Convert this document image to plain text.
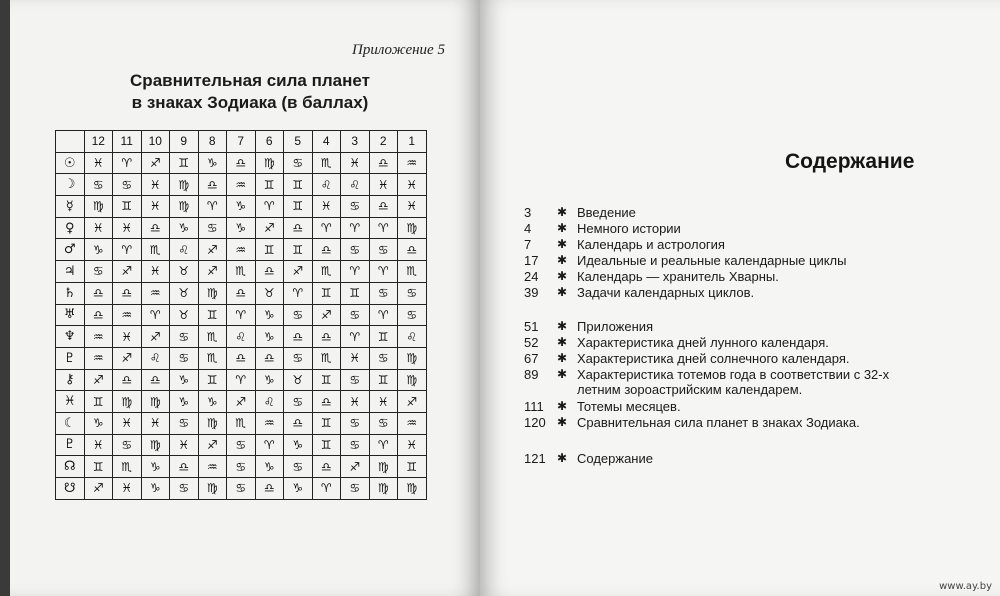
Приложение 5
Сравнительная сила планет
в знаках Зодиака (в баллах)
	12	11	10	9	8	7	6	5	4	3	2	1
☉	♓	♈	♐	♊	♑	♎	♍	♋	♏	♓	♎	♒
☽	♋	♋	♓	♍	♎	♒	♊	♊	♌	♌	♓	♓
☿	♍	♊	♓	♍	♈	♑	♈	♊	♓	♋	♎	♓
♀	♓	♓	♎	♑	♋	♑	♐	♎	♈	♈	♈	♍
♂	♑	♈	♏	♌	♐	♒	♊	♊	♎	♋	♋	♎
♃	♋	♐	♓	♉	♐	♏	♎	♐	♏	♈	♈	♏
♄	♎	♎	♒	♉	♍	♎	♉	♈	♊	♊	♋	♋
♅	♎	♒	♈	♉	♊	♈	♑	♋	♐	♋	♈	♋
♆	♒	♓	♐	♋	♏	♌	♑	♎	♎	♈	♊	♌
♇	♒	♐	♌	♋	♏	♎	♎	♋	♏	♓	♋	♍
⚷	♐	♎	♎	♑	♊	♈	♑	♉	♊	♋	♊	♍
♓	♊	♍	♍	♑	♑	♐	♌	♋	♎	♓	♓	♐
☾	♑	♓	♓	♋	♍	♏	♒	♎	♊	♋	♋	♒
♇	♓	♋	♍	♓	♐	♋	♈	♑	♊	♋	♈	♓
☊	♊	♏	♑	♎	♒	♋	♑	♋	♎	♐	♍	♊
☋	♐	♓	♑	♋	♍	♋	♎	♑	♈	♋	♍	♍
Содержание
3	✱ Введение
4	✱ Немного истории
7	✱ Календарь и астрология
17	✱ Идеальные и реальные календарные циклы
24	✱ Календарь — хранитель Хварны.
39	✱ Задачи календарных циклов.
51	✱ Приложения
52	✱ Характеристика дней лунного календаря.
67	✱ Характеристика дней солнечного календаря.
89	✱ Характеристика тотемов года в соответствии с 32-х летним зороастрийским календарем.
111	✱ Тотемы месяцев.
120 ✱ Сравнительная сила планет в знаках Зодиака.
121 ✱ Содержание
www.ay.by
